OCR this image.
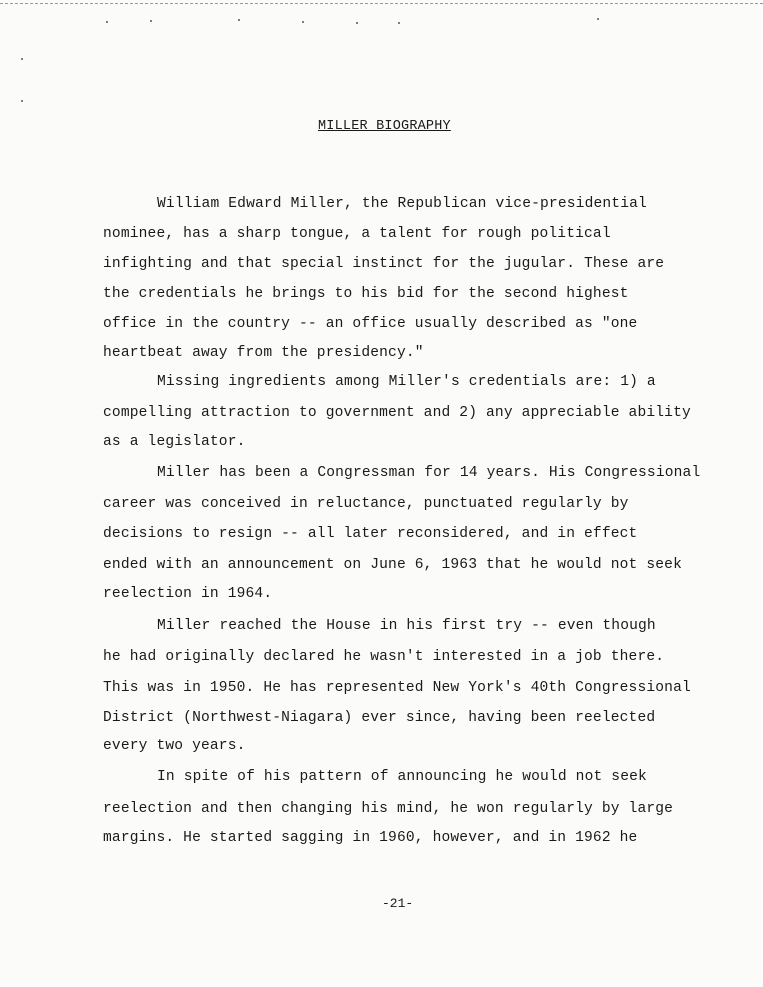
MILLER BIOGRAPHY
William Edward Miller, the Republican vice-presidential
nominee, has a sharp tongue, a talent for rough political
infighting and that special instinct for the jugular. These are
the credentials he brings to his bid for the second highest
office in the country -- an office usually described as "one
heartbeat away from the presidency."
Missing ingredients among Miller's credentials are: 1) a
compelling attraction to government and 2) any appreciable ability
as a legislator.
Miller has been a Congressman for 14 years. His Congressional
career was conceived in reluctance, punctuated regularly by
decisions to resign -- all later reconsidered, and in effect
ended with an announcement on June 6, 1963 that he would not seek
reelection in 1964.
Miller reached the House in his first try -- even though
he had originally declared he wasn't interested in a job there.
This was in 1950. He has represented New York's 40th Congressional
District (Northwest-Niagara) ever since, having been reelected
every two years.
In spite of his pattern of announcing he would not seek
reelection and then changing his mind, he won regularly by large
margins. He started sagging in 1960, however, and in 1962 he
-21-
